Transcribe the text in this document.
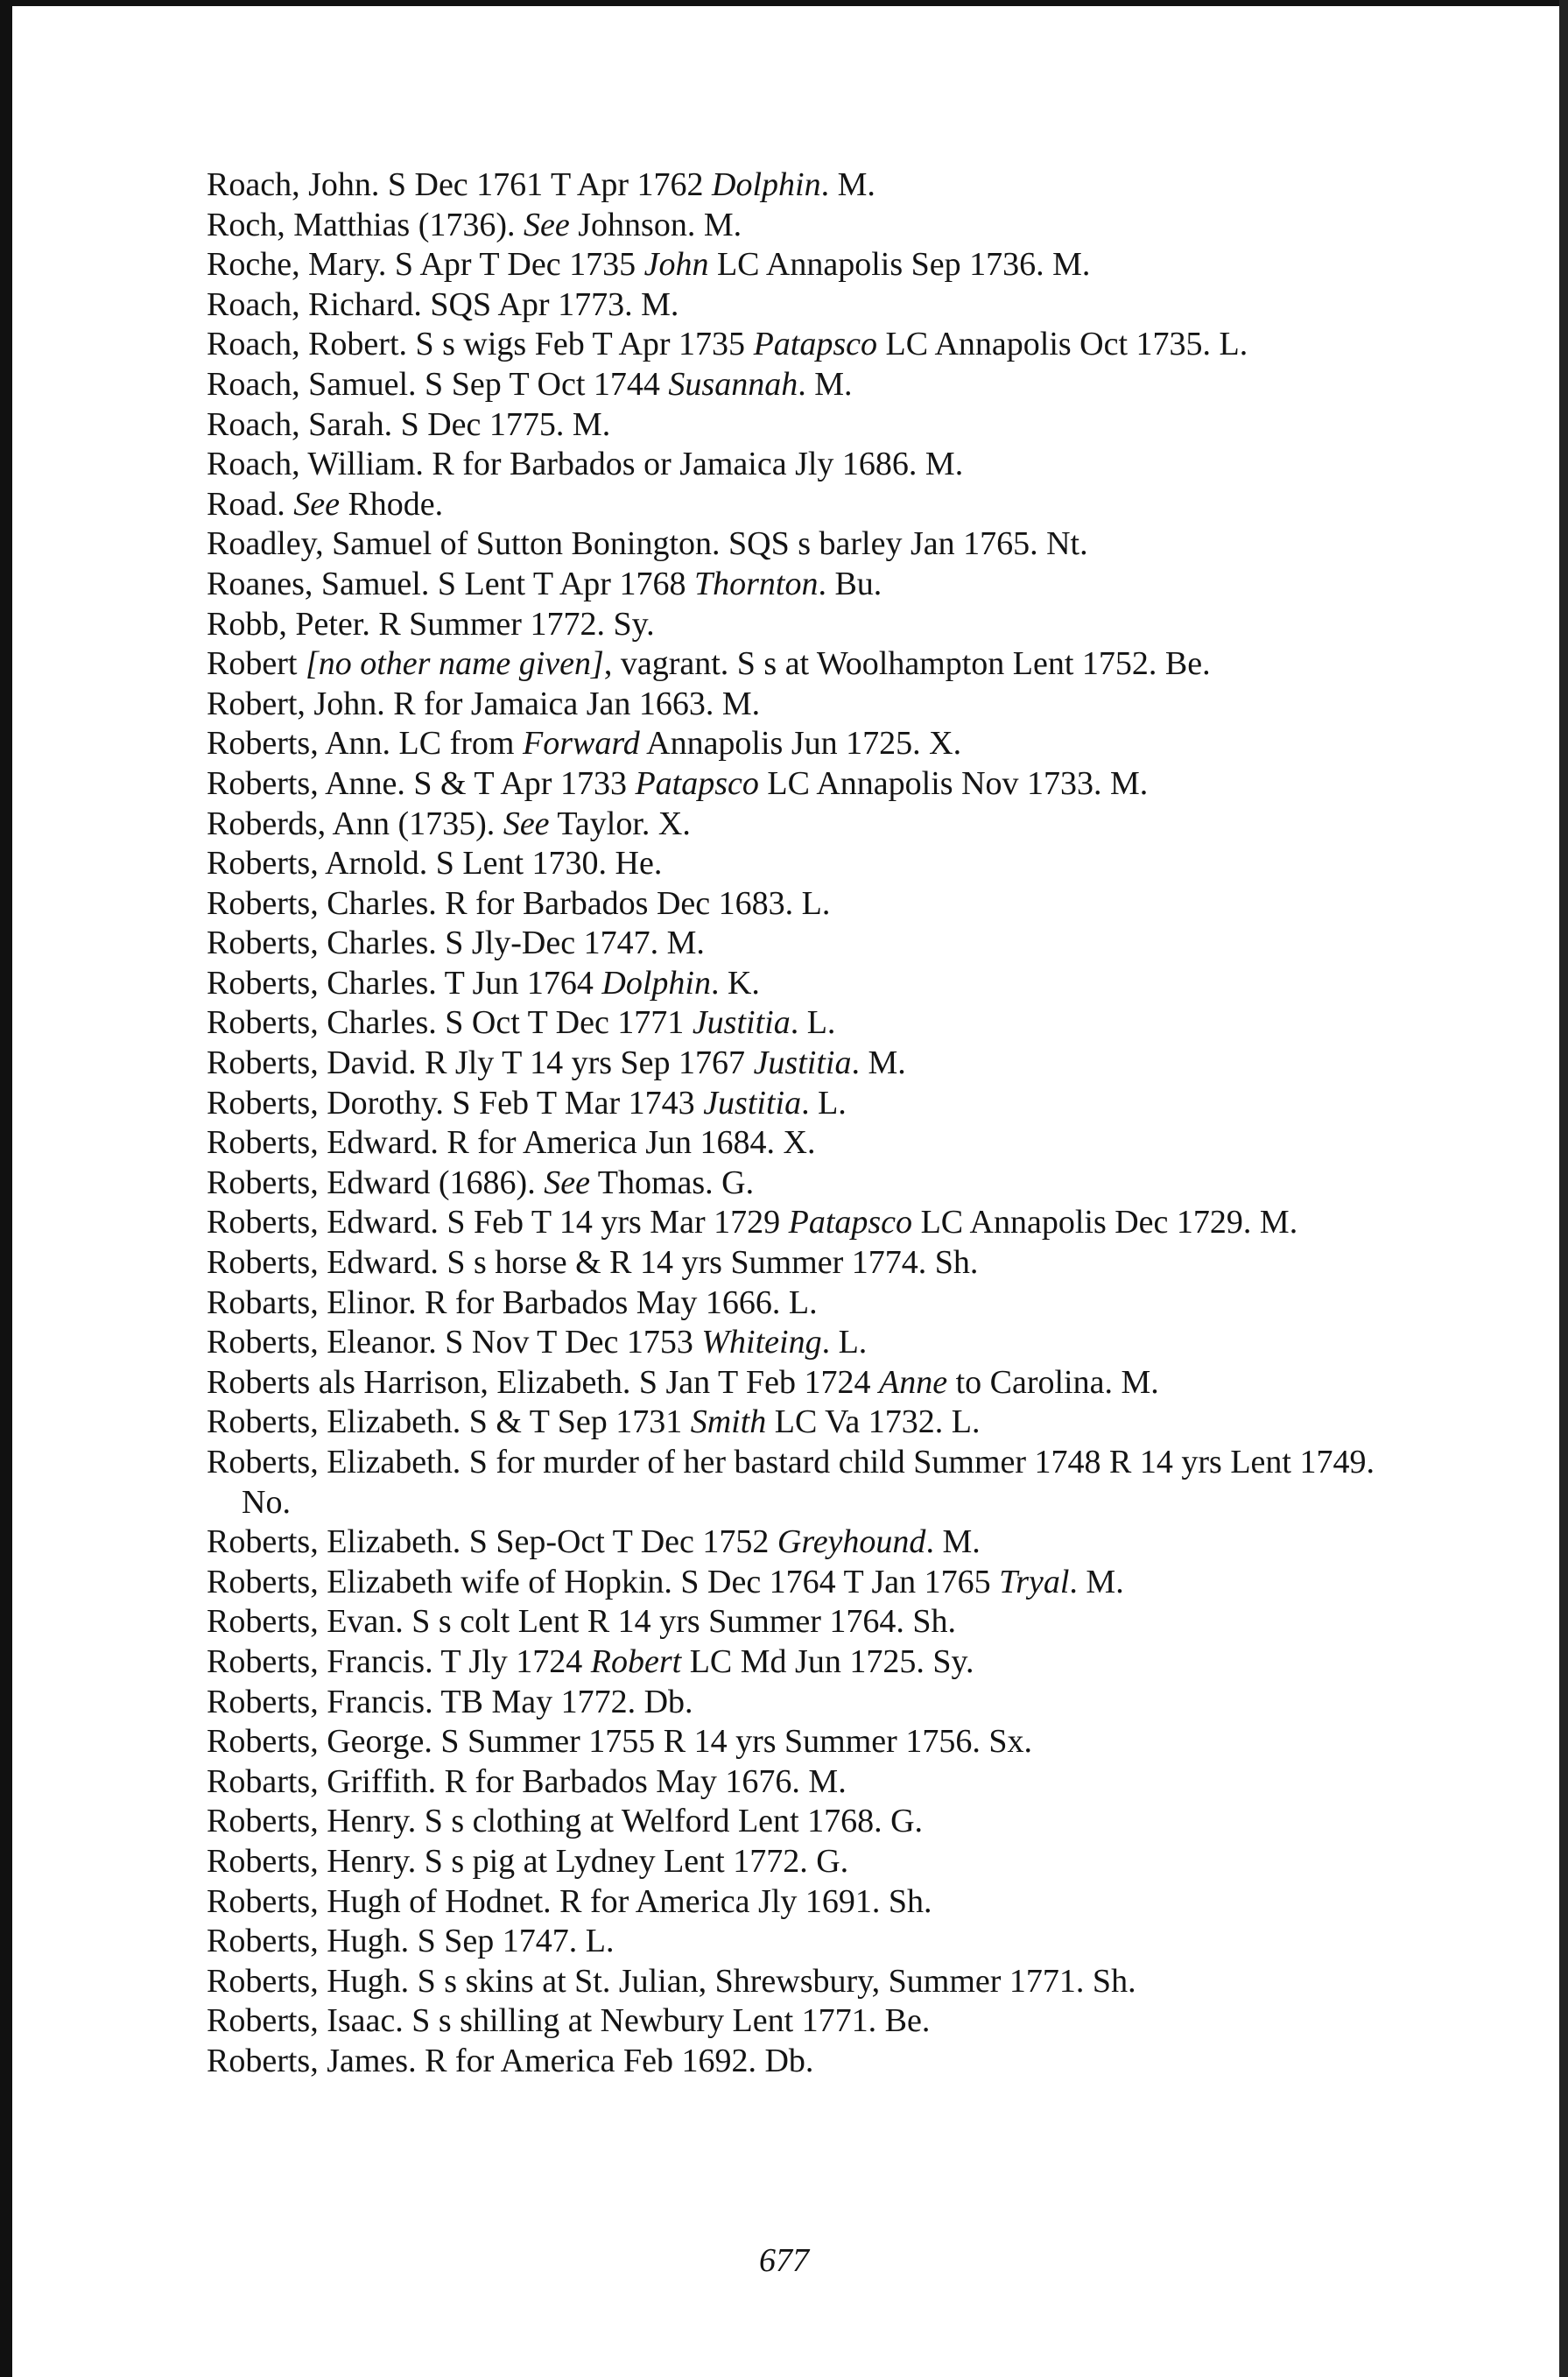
Roach, John. S Dec 1761 T Apr 1762 Dolphin. M.

Roch, Matthias (1736). See Johnson. M.

Roche, Mary. S Apr T Dec 1735 John LC Annapolis Sep 1736. M.

Roach, Richard. SQS Apr 1773. M.

Roach, Robert. S s wigs Feb T Apr 1735 Patapsco LC Annapolis Oct 1735. L.

Roach, Samuel. S Sep T Oct 1744 Susannah. M.

Roach, Sarah. S Dec 1775. M.

Roach, William. R for Barbados or Jamaica Jly 1686. M.

Road. See Rhode.

Roadley, Samuel of Sutton Bonington. SQS s barley Jan 1765. Nt.

Roanes, Samuel. S Lent T Apr 1768 Thornton. Bu.

Robb, Peter. R Summer 1772. Sy.

Robert [no other name given], vagrant. S s at Woolhampton Lent 1752. Be.

Robert, John. R for Jamaica Jan 1663. M.

Roberts, Ann. LC from Forward Annapolis Jun 1725. X.

Roberts, Anne. S & T Apr 1733 Patapsco LC Annapolis Nov 1733. M.

Roberds, Ann (1735). See Taylor. X.

Roberts, Arnold. S Lent 1730. He.

Roberts, Charles. R for Barbados Dec 1683. L.

Roberts, Charles. S Jly-Dec 1747. M.

Roberts, Charles. T Jun 1764 Dolphin. K.

Roberts, Charles. S Oct T Dec 1771 Justitia. L.

Roberts, David. R Jly T 14 yrs Sep 1767 Justitia. M.

Roberts, Dorothy. S Feb T Mar 1743 Justitia. L.

Roberts, Edward. R for America Jun 1684. X.

Roberts, Edward (1686). See Thomas. G.

Roberts, Edward. S Feb T 14 yrs Mar 1729 Patapsco LC Annapolis Dec 1729. M.

Roberts, Edward. S s horse & R 14 yrs Summer 1774. Sh.

Robarts, Elinor. R for Barbados May 1666. L.

Roberts, Eleanor. S Nov T Dec 1753 Whiteing. L.

Roberts als Harrison, Elizabeth. S Jan T Feb 1724 Anne to Carolina. M.

Roberts, Elizabeth. S & T Sep 1731 Smith LC Va 1732. L.

Roberts, Elizabeth. S for murder of her bastard child Summer 1748 R 14 yrs Lent 1749. No.

Roberts, Elizabeth. S Sep-Oct T Dec 1752 Greyhound. M.

Roberts, Elizabeth wife of Hopkin. S Dec 1764 T Jan 1765 Tryal. M.

Roberts, Evan. S s colt Lent R 14 yrs Summer 1764. Sh.

Roberts, Francis. T Jly 1724 Robert LC Md Jun 1725. Sy.

Roberts, Francis. TB May 1772. Db.

Roberts, George. S Summer 1755 R 14 yrs Summer 1756. Sx.

Robarts, Griffith. R for Barbados May 1676. M.

Roberts, Henry. S s clothing at Welford Lent 1768. G.

Roberts, Henry. S s pig at Lydney Lent 1772. G.

Roberts, Hugh of Hodnet. R for America Jly 1691. Sh.

Roberts, Hugh. S Sep 1747. L.

Roberts, Hugh. S s skins at St. Julian, Shrewsbury, Summer 1771. Sh.

Roberts, Isaac. S s shilling at Newbury Lent 1771. Be.

Roberts, James. R for America Feb 1692. Db.

677
